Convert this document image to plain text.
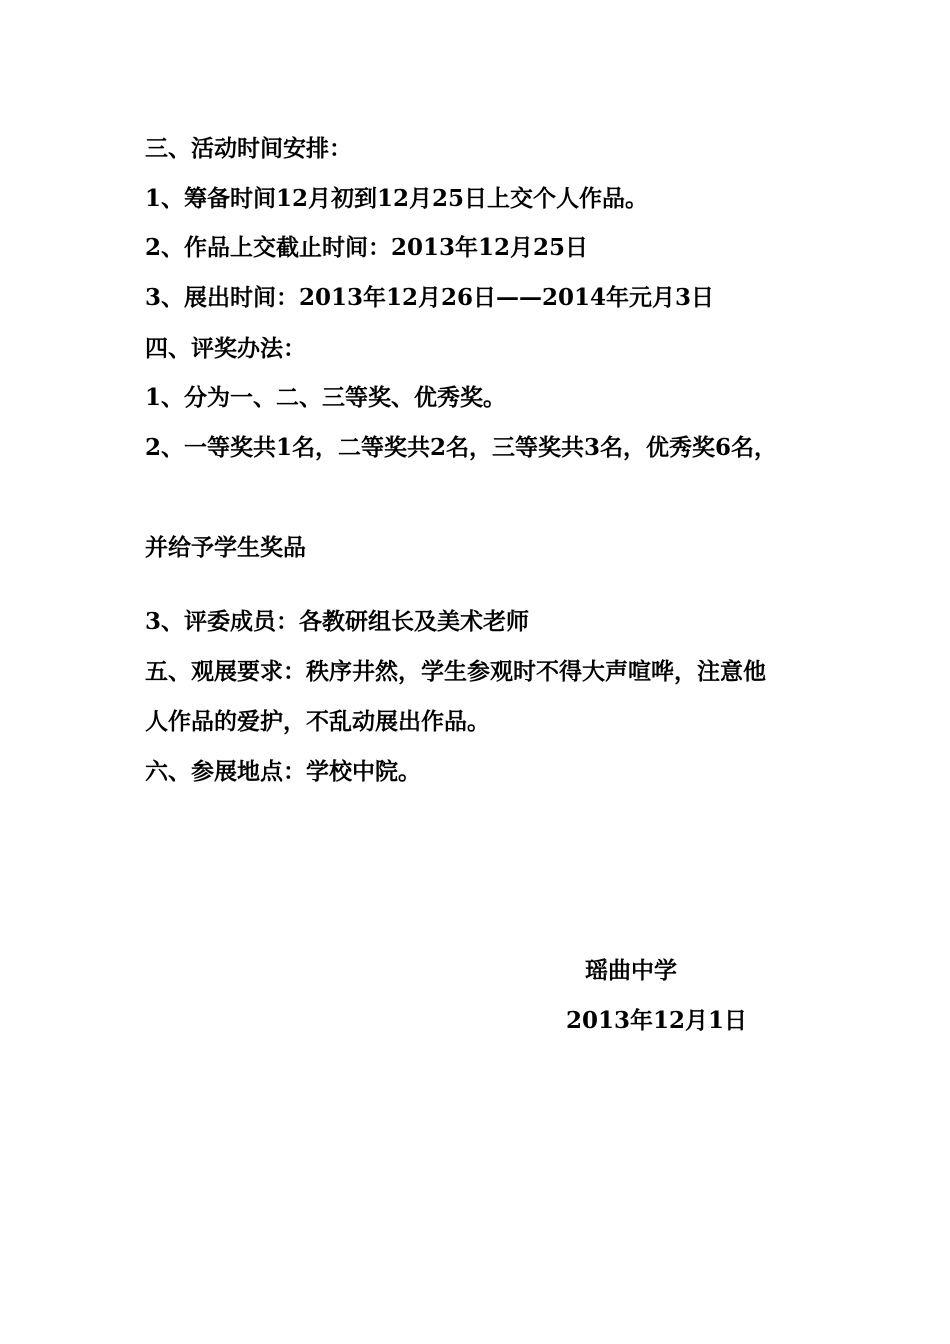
三、活动时间安排：
1、筹备时间12月初到12月25日上交个人作品。
2、作品上交截止时间：2013年12月25日
3、展出时间：2013年12月26日——2014年元月3日
四、评奖办法：
1、分为一、二、三等奖、优秀奖。
2、一等奖共1名，二等奖共2名，三等奖共3名，优秀奖6名，
并给予学生奖品
3、评委成员：各教研组长及美术老师
五、观展要求：秩序井然，学生参观时不得大声喧哗，注意他
人作品的爱护，不乱动展出作品。
六、参展地点：学校中院。
瑶曲中学
2013年12月1日
